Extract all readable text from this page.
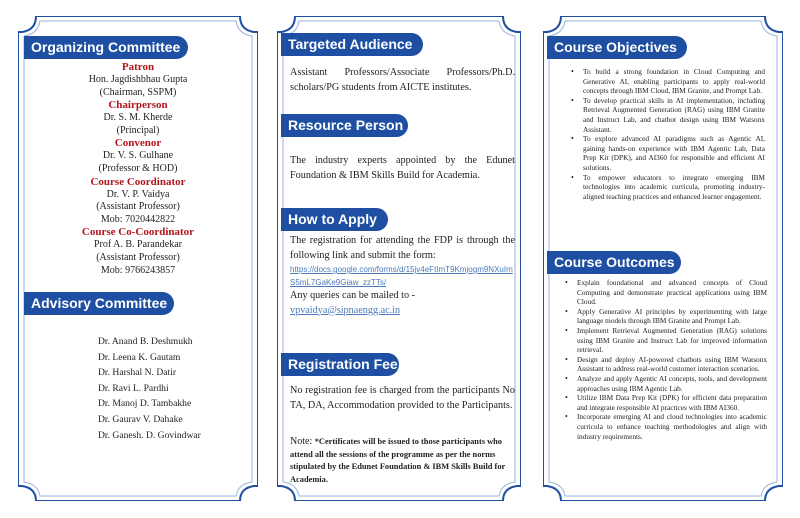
Organizing Committee
Patron
Hon. Jagdishbhau Gupta
(Chairman, SSPM)
Chairperson
Dr. S. M. Kherde
(Principal)
Convenor
Dr. V. S. Gulhane
(Professor & HOD)
Course Coordinator
Dr. V. P. Vaidya
(Assistant Professor)
Mob: 7020442822
Course Co-Coordinator
Prof A. B. Parandekar
(Assistant Professor)
Mob: 9766243857
Advisory Committee
Dr. Anand B. Deshmukh
Dr. Leena K. Gautam
Dr. Harshal N. Datir
Dr. Ravi L. Pardhi
Dr. Manoj D. Tambakhe
Dr. Gaurav V. Dahake
Dr. Ganesh. D. Govindwar
Targeted Audience
Assistant Professors/Associate Professors/Ph.D. scholars/PG students from AICTE institutes.
Resource Person
The industry experts appointed by the Edunet Foundation & IBM Skills Build for Academia.
How to Apply
The registration for attending the FDP is through the following link and submit the form:
https://docs.google.com/forms/d/15jv4eFtImT9Kmjogm9NXuImS5mL7GaKe9Giaw_zzTTs/
Any queries can be mailed to -
vpvaidya@sipnaengg.ac.in
Registration Fee
No registration fee is charged from the participants No TA, DA, Accommodation provided to the Participants.
Note: *Certificates will be issued to those participants who attend all the sessions of the programme as per the norms stipulated by the Edunet Foundation & IBM Skills Build for Academia.
Course Objectives
• To build a strong foundation in Cloud Computing and Generative AI, enabling participants to apply real-world concepts through IBM Cloud, IBM Granite, and Prompt Lab.
• To develop practical skills in AI implementation, including Retrieval Augmented Generation (RAG) using IBM Granite and Instruct Lab, and chatbot design using IBM Watsonx Assistant.
• To explore advanced AI paradigms such as Agentic AI, gaining hands-on experience with IBM Agentic Lab, Data Prep Kit (DPK), and AI360 for responsible and efficient AI solutions.
• To empower educators to integrate emerging IBM technologies into academic curricula, promoting industry-aligned teaching practices and enhanced learner engagement.
Course Outcomes
• Explain foundational and advanced concepts of Cloud Computing and demonstrate practical applications using IBM Cloud.
• Apply Generative AI principles by experimenting with large language models through IBM Granite and Prompt Lab.
• Implement Retrieval Augmented Generation (RAG) solutions using IBM Granite and Instruct Lab for improved information retrieval.
• Design and deploy AI-powered chatbots using IBM Watsonx Assistant to address real-world customer interaction scenarios.
• Analyze and apply Agentic AI concepts, tools, and development approaches using IBM Agentic Lab.
• Utilize IBM Data Prep Kit (DPK) for efficient data preparation and integrate responsible AI practices with IBM AI360.
• Incorporate emerging AI and cloud technologies into academic curricula to enhance teaching methodologies and align with industry requirements.
